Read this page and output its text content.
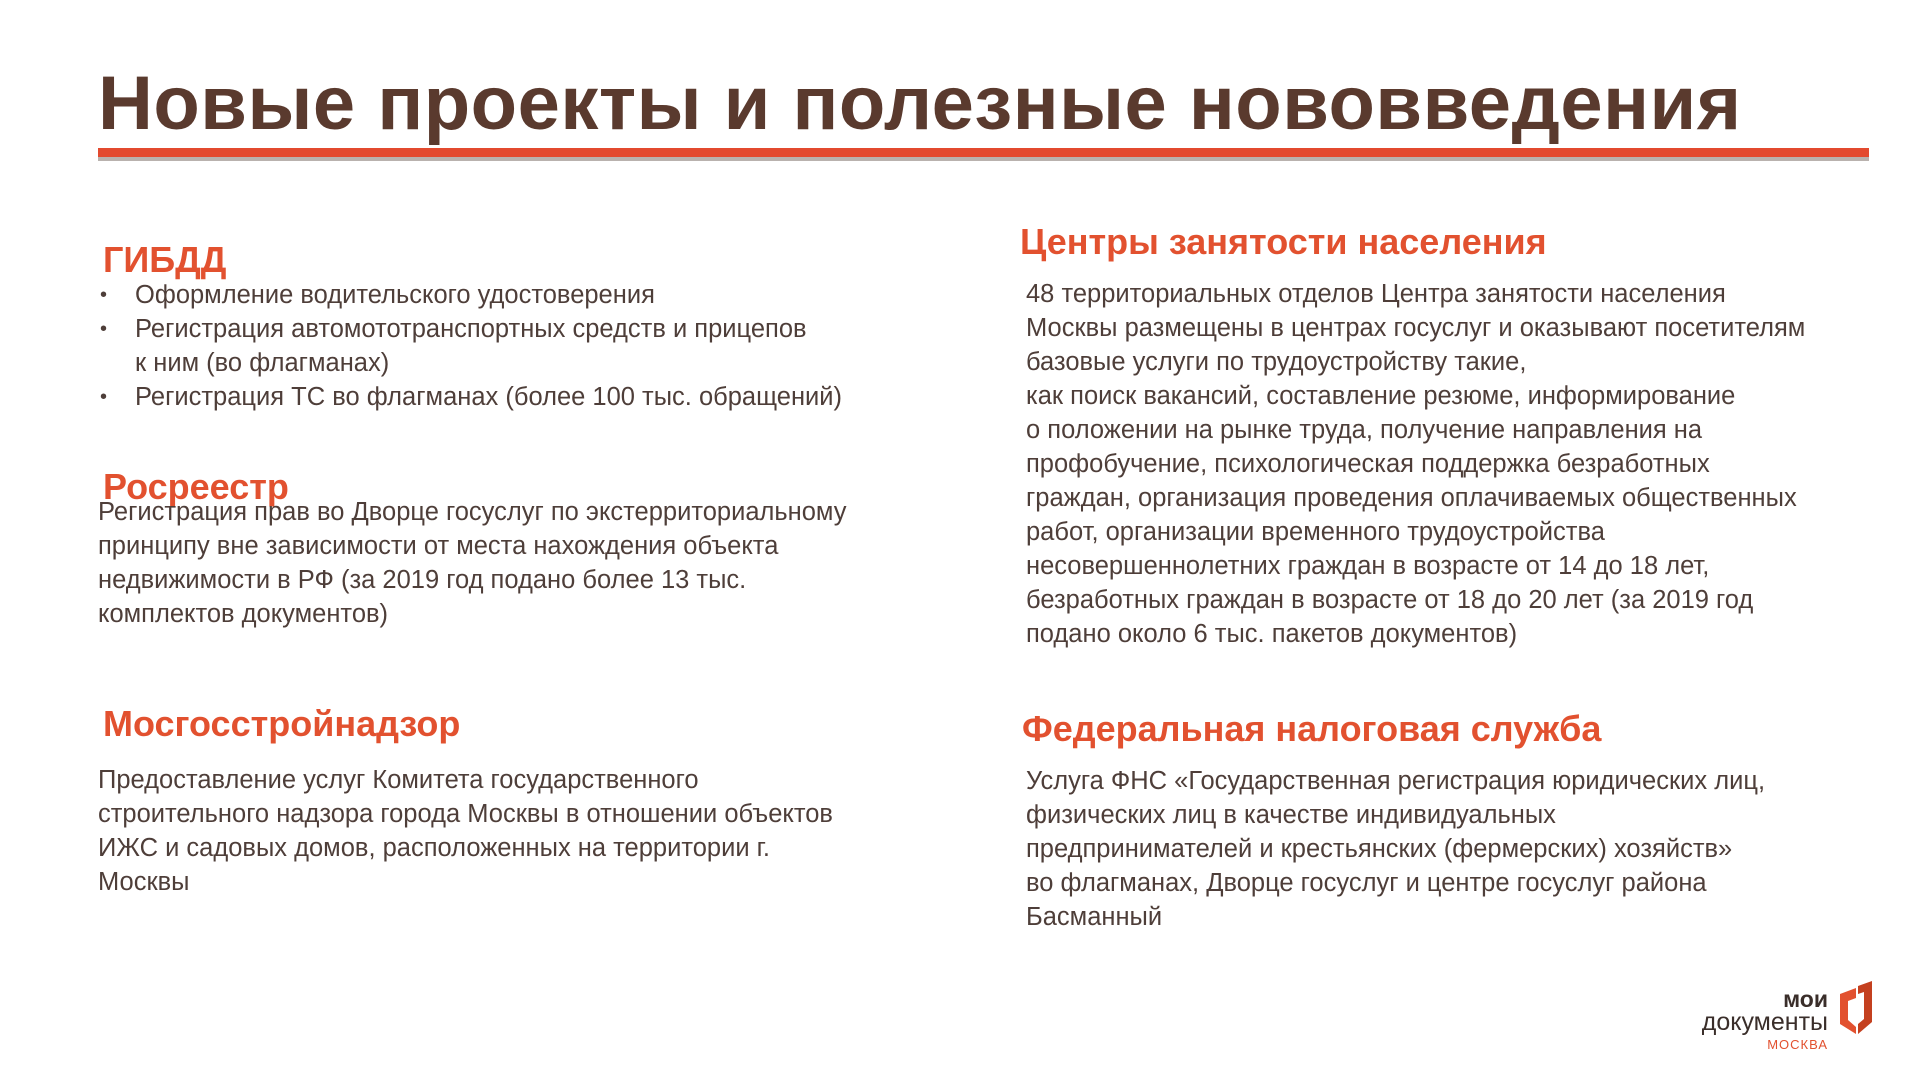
Новые проекты и полезные нововведения
ГИБДД
• Оформление водительского удостоверения
• Регистрация автомототранспортных средств и прицепов
к ним (во флагманах)
• Регистрация ТС во флагманах (более 100 тыс. обращений)
Росреестр
Регистрация прав во Дворце госуслуг по экстерриториальному
принципу вне зависимости от места нахождения объекта
недвижимости в РФ (за 2019 год подано более 13 тыс.
комплектов документов)
Мосгосстройнадзор
Предоставление услуг Комитета государственного
строительного надзора города Москвы в отношении объектов
ИЖС и садовых домов, расположенных на территории г.
Москвы
Центры занятости населения
48 территориальных отделов Центра занятости населения
Москвы размещены в центрах госуслуг и оказывают посетителям
базовые услуги по трудоустройству такие,
как поиск вакансий, составление резюме, информирование
о положении на рынке труда, получение направления на
профобучение, психологическая поддержка безработных
граждан, организация проведения оплачиваемых общественных
работ, организации временного трудоустройства
несовершеннолетних граждан в возрасте от 14 до 18 лет,
безработных граждан в возрасте от 18 до 20 лет (за 2019 год
подано около 6 тыс. пакетов документов)
Федеральная налоговая служба
Услуга ФНС «Государственная регистрация юридических лиц,
физических лиц в качестве индивидуальных
предпринимателей и крестьянских (фермерских) хозяйств»
во флагманах, Дворце госуслуг и центре госуслуг района
Басманный
мои
документы
МОСКВА
